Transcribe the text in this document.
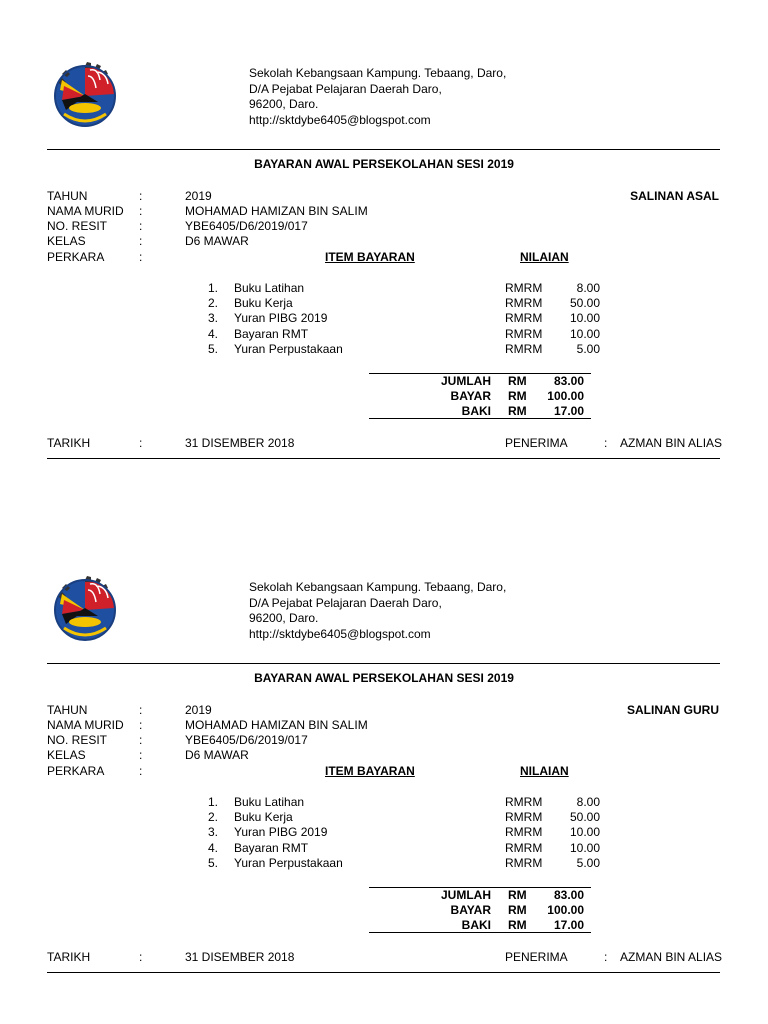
Sekolah Kebangsaan Kampung. Tebaang, Daro,
D/A Pejabat Pelajaran Daerah Daro,
96200, Daro.
http://sktdybe6405@blogspot.com
BAYARAN AWAL PERSEKOLAHAN SESI 2019
SALINAN ASAL
TAHUN	:	2019
NAMA MURID :	MOHAMAD HAMIZAN BIN SALIM
NO. RESIT	:	YBE6405/D6/2019/017
KELAS	:	D6 MAWAR
PERKARA	:	ITEM BAYARAN	NILAIAN
1. Buku Latihan	RMRM	8.00
2. Buku Kerja	RMRM	50.00
3. Yuran PIBG 2019	RMRM	10.00
4. Bayaran RMT	RMRM	10.00
5. Yuran Perpustakaan	RMRM	5.00
JUMLAH RM	83.00
BAYAR RM	100.00
BAKI RM	17.00
TARIKH	:	31 DISEMBER 2018	PENERIMA	: AZMAN BIN ALIAS
Sekolah Kebangsaan Kampung. Tebaang, Daro,
D/A Pejabat Pelajaran Daerah Daro,
96200, Daro.
http://sktdybe6405@blogspot.com
BAYARAN AWAL PERSEKOLAHAN SESI 2019
SALINAN GURU
TAHUN	:	2019
NAMA MURID :	MOHAMAD HAMIZAN BIN SALIM
NO. RESIT	:	YBE6405/D6/2019/017
KELAS	:	D6 MAWAR
PERKARA	:	ITEM BAYARAN	NILAIAN
1. Buku Latihan	RMRM	8.00
2. Buku Kerja	RMRM	50.00
3. Yuran PIBG 2019	RMRM	10.00
4. Bayaran RMT	RMRM	10.00
5. Yuran Perpustakaan	RMRM	5.00
JUMLAH RM	83.00
BAYAR RM	100.00
BAKI RM	17.00
TARIKH	:	31 DISEMBER 2018	PENERIMA	: AZMAN BIN ALIAS
